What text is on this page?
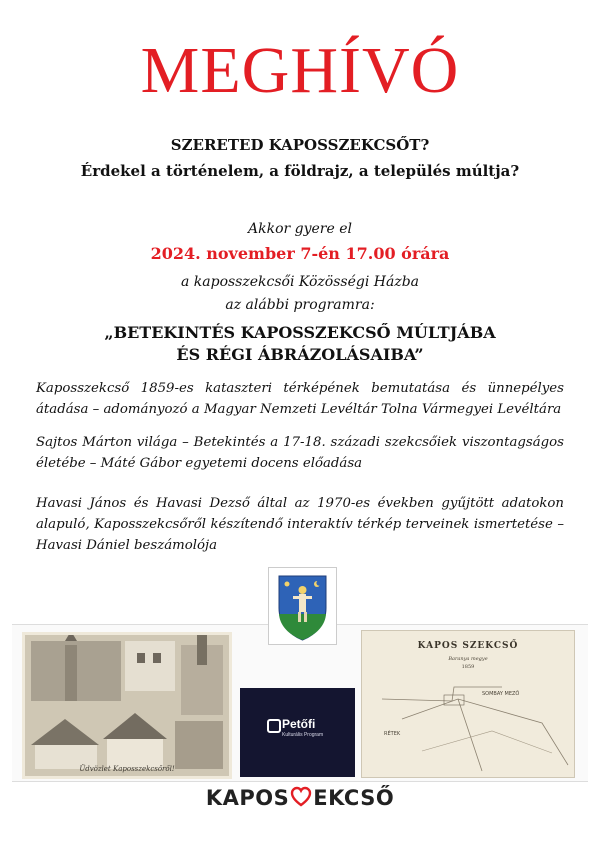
MEGHÍVÓ
SZERETED KAPOSSZEKCSŐT?
Érdekel a történelem, a földrajz, a település múltja?
Akkor gyere el
2024. november 7-én 17.00 órára
a kaposszekcsői Közösségi Házba
az alábbi programra:
„BETEKINTÉS KAPOSSZEKCSŐ MÚLTJÁBA ÉS RÉGI ÁBRÁZOLÁSAIBA”
Kaposszekcső 1859-es kataszteri térképének bemutatása és ünnepélyes átadása – adományozó a Magyar Nemzeti Levéltár Tolna Vármegyei Levéltára
Sajtos Márton világa – Betekintés a 17-18. századi szekcsőiek viszontagságos életébe – Máté Gábor egyetemi docens előadása
Havasi János és Havasi Dezső által az 1970-es években gyűjtött adatokon alapuló, Kaposszekcsőről készítendő interaktív térkép terveinek ismertetése – Havasi Dániel beszámolója
Üdvözlet Kaposszekcsőről!
Petőfi
Kulturális Program
KAPOS SZEKCSŐ
Baranya megye
1859
SOMBAY MEZŐ
RÉTEK
KAPOS EKCSŐ
